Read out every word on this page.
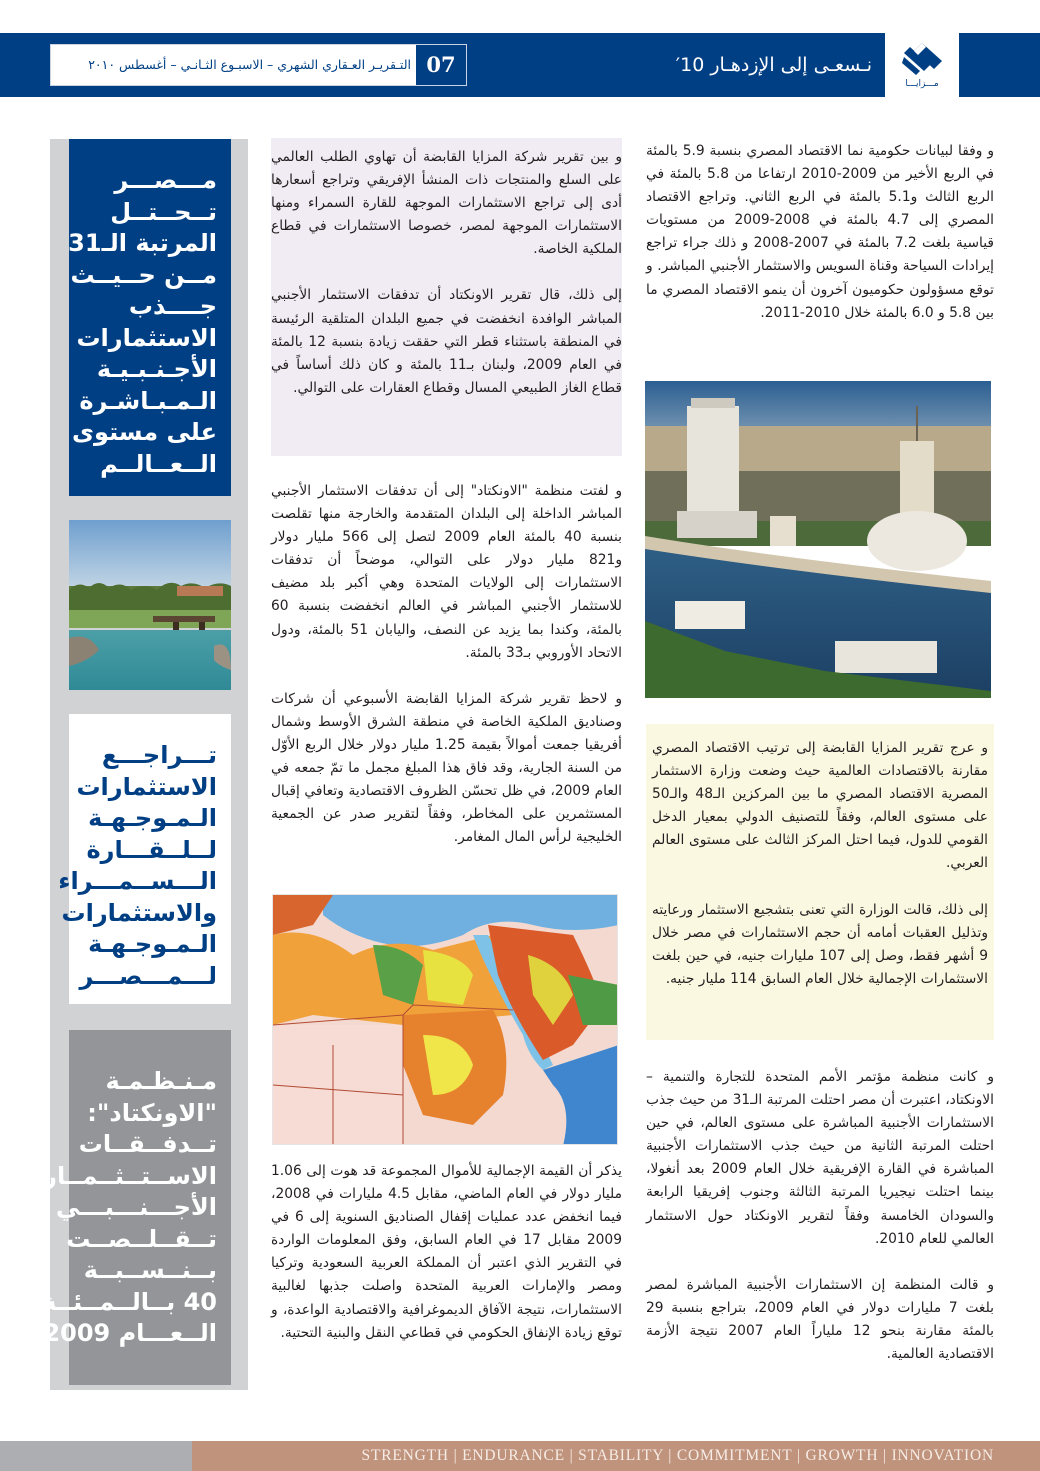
التـقريـر العـقاري الشهري – الاسبـوع الثـانـي – أغسطس ٢٠١٠ 07	نـسعـى إلى الإزدهـار 10′
مـــزايـــا
مـــصـــر
تــحــتــل
المرتبة الـ31
مــن حــيــث
جــــذب
الاستثمارات
الأجـنـبـيـة
الـمـبـاشـرة
على مستوى
الــعــالــم
تـــراجـــع
الاستثمارات
الـمـوجـهـة
لــلــقـــارة
الـــســمـــراء
والاستثمارات
الـمـوجـهـة
لـــمـــصـــر
مـنـظـمـة
"الاونكتاد":
تــدفــقــات
الاســتــثــمــار
الأجـــنـــبـــي
تــقــلــصــت
بــنــســبــة
40 بــالــمــئــة
الــعـــام 2009

و بين تقرير شركة المزايا القابضة أن تهاوي الطلب العالمي على السلع والمنتجات ذات المنشأ الإفريقي وتراجع أسعارها أدى إلى تراجع الاستثمارات الموجهة للقارة السمراء ومنها الاستثمارات الموجهة لمصر، خصوصا الاستثمارات في قطاع الملكية الخاصة.

إلى ذلك، قال تقرير الاونكتاد أن تدفقات الاستثمار الأجنبي المباشر الوافدة انخفضت في جميع البلدان المتلقية الرئيسة في المنطقة باستثناء قطر التي حققت زيادة بنسبة 12 بالمئة في العام 2009، ولبنان بـ11 بالمئة و كان ذلك أساساً في قطاع الغاز الطبيعي المسال وقطاع العقارات على التوالي.

و لفتت منظمة "الاونكتاد" إلى أن تدفقات الاستثمار الأجنبي المباشر الداخلة إلى البلدان المتقدمة والخارجة منها تقلصت بنسبة 40 بالمئة العام 2009 لتصل إلى 566 مليار دولار و821 مليار دولار على التوالي، موضحاً أن تدفقات الاستثمارات إلى الولايات المتحدة وهي أكبر بلد مضيف للاستثمار الأجنبي المباشر في العالم انخفضت بنسبة 60 بالمئة، وكندا بما يزيد عن النصف، واليابان 51 بالمئة، ودول الاتحاد الأوروبي بـ33 بالمئة.

و لاحظ تقرير شركة المزايا القابضة الأسبوعي أن شركات وصناديق الملكية الخاصة في منطقة الشرق الأوسط وشمال أفريقيا جمعت أموالاً بقيمة 1.25 مليار دولار خلال الربع الأوّل من السنة الجارية، وقد فاق هذا المبلغ مجمل ما تمّ جمعه في العام 2009، في ظل تحسّن الظروف الاقتصادية وتعافي إقبال المستثمرين على المخاطر، وفقاً لتقرير صدر عن الجمعية الخليجية لرأس المال المغامر.

يذكر أن القيمة الإجمالية للأموال المجموعة قد هوت إلى 1.06 مليار دولار في العام الماضي، مقابل 4.5 مليارات في 2008، فيما انخفض عدد عمليات إقفال الصناديق السنوية إلى 6 في 2009 مقابل 17 في العام السابق، وفق المعلومات الواردة في التقرير الذي اعتبر أن المملكة العربية السعودية وتركيا ومصر والإمارات العربية المتحدة واصلت جذبها لغالبية الاستثمارات، نتيجة الآفاق الديموغرافية والاقتصادية الواعدة، و توقع زيادة الإنفاق الحكومي في قطاعي النقل والبنية التحتية.

و وفقا لبيانات حكومية نما الاقتصاد المصري بنسبة 5.9 بالمئة في الربع الأخير من 2009-2010 ارتفاعا من 5.8 بالمئة في الربع الثالث و5.1 بالمئة في الربع الثاني. وتراجع الاقتصاد المصري إلى 4.7 بالمئة في 2008-2009 من مستويات قياسية بلغت 7.2 بالمئة في 2007-2008 و ذلك جراء تراجع إيرادات السياحة وقناة السويس والاستثمار الأجنبي المباشر. و توقع مسؤولون حكوميون آخرون أن ينمو الاقتصاد المصري ما بين 5.8 و 6.0 بالمئة خلال 2010-2011.

و عرج تقرير المزايا القابضة إلى ترتيب الاقتصاد المصري مقارنة بالاقتصادات العالمية حيث وضعت وزارة الاستثمار المصرية الاقتصاد المصري ما بين المركزين الـ48 والـ50 على مستوى العالم، وفقاً للتصنيف الدولي بمعيار الدخل القومي للدول، فيما احتل المركز الثالث على مستوى العالم العربي.

إلى ذلك، قالت الوزارة التي تعنى بتشجيع الاستثمار ورعايته وتذليل العقبات أمامه أن حجم الاستثمارات في مصر خلال 9 أشهر فقط، وصل إلى 107 مليارات جنيه، في حين بلغت الاستثمارات الإجمالية خلال العام السابق 114 مليار جنيه.

و كانت منظمة مؤتمر الأمم المتحدة للتجارة والتنمية – الاونكتاد، اعتبرت أن مصر احتلت المرتبة الـ31 من حيث جذب الاستثمارات الأجنبية المباشرة على مستوى العالم، في حين احتلت المرتبة الثانية من حيث جذب الاستثمارات الأجنبية المباشرة في القارة الإفريقية خلال العام 2009 بعد أنغولا، بينما احتلت نيجيريا المرتبة الثالثة وجنوب إفريقيا الرابعة والسودان الخامسة وفقاً لتقرير الاونكتاد حول الاستثمار العالمي للعام 2010.

و قالت المنظمة إن الاستثمارات الأجنبية المباشرة لمصر بلغت 7 مليارات دولار في العام 2009، بتراجع بنسبة 29 بالمئة مقارنة بنحو 12 ملياراً العام 2007 نتيجة الأزمة الاقتصادية العالمية.

STRENGTH | ENDURANCE | STABILITY | COMMITMENT | GROWTH | INNOVATION
